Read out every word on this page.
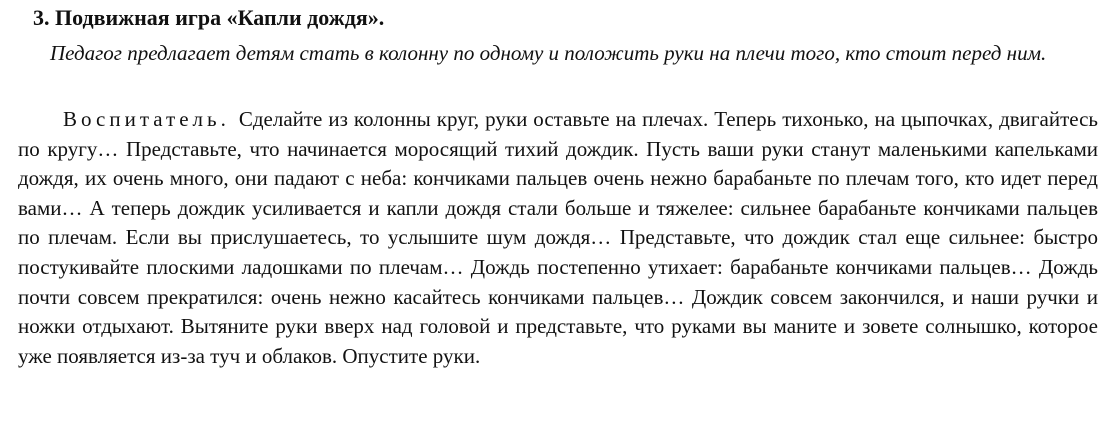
3. Подвижная игра «Капли дождя».
Педагог предлагает детям стать в колонну по одному и положить руки на плечи того, кто стоит перед ним.
Воспитатель. Сделайте из колонны круг, руки оставьте на плечах. Теперь тихонько, на цыпочках, двигайтесь по кругу… Представьте, что начинается моросящий тихий дождик. Пусть ваши руки станут маленькими капельками дождя, их очень много, они падают с неба: кончиками пальцев очень нежно барабаньте по плечам того, кто идет перед вами… А теперь дождик усиливается и капли дождя стали больше и тяжелее: сильнее барабаньте кончиками пальцев по плечам. Если вы прислушаетесь, то услышите шум дождя… Представьте, что дождик стал еще сильнее: быстро постукивайте плоскими ладошками по плечам… Дождь постепенно утихает: барабаньте кончиками пальцев… Дождь почти совсем прекратился: очень нежно касайтесь кончиками пальцев… Дождик совсем закончился, и наши ручки и ножки отдыхают. Вытяните руки вверх над головой и представьте, что руками вы маните и зовете солнышко, которое уже появляется из-за туч и облаков. Опустите руки.
